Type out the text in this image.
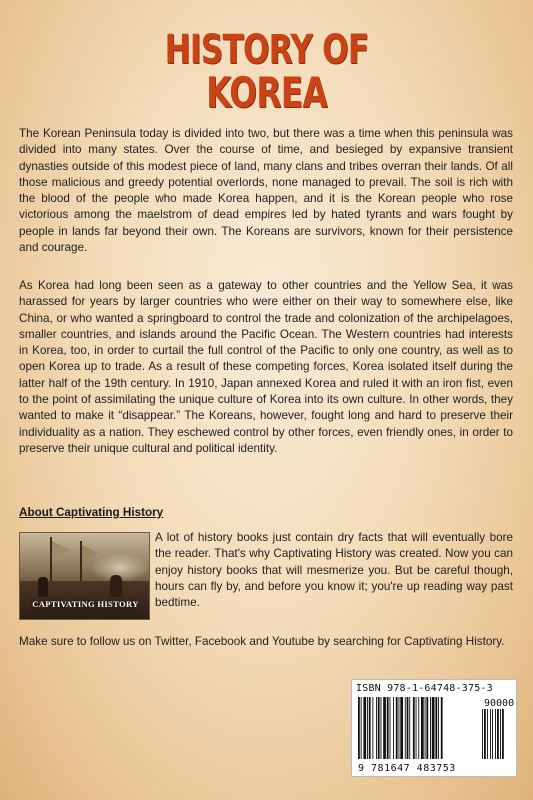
HISTORY OF
KOREA

The Korean Peninsula today is divided into two, but there was a time when this peninsula was divided into many states. Over the course of time, and besieged by expansive transient dynasties outside of this modest piece of land, many clans and tribes overran their lands. Of all those malicious and greedy potential overlords, none managed to prevail. The soil is rich with the blood of the people who made Korea happen, and it is the Korean people who rose victorious among the maelstrom of dead empires led by hated tyrants and wars fought by people in lands far beyond their own. The Koreans are survivors, known for their persistence and courage.

As Korea had long been seen as a gateway to other countries and the Yellow Sea, it was harassed for years by larger countries who were either on their way to somewhere else, like China, or who wanted a springboard to control the trade and colonization of the archipelagoes, smaller countries, and islands around the Pacific Ocean. The Western countries had interests in Korea, too, in order to curtail the full control of the Pacific to only one country, as well as to open Korea up to trade. As a result of these competing forces, Korea isolated itself during the latter half of the 19th century. In 1910, Japan annexed Korea and ruled it with an iron fist, even to the point of assimilating the unique culture of Korea into its own culture. In other words, they wanted to make it “disappear.” The Koreans, however, fought long and hard to preserve their individuality as a nation. They eschewed control by other forces, even friendly ones, in order to preserve their unique cultural and political identity.

About Captivating History
CAPTIVATING HISTORY

A lot of history books just contain dry facts that will eventually bore the reader. That's why Captivating History was created. Now you can enjoy history books that will mesmerize you. But be careful though, hours can fly by, and before you know it; you're up reading way past bedtime.

Make sure to follow us on Twitter, Facebook and Youtube by searching for Captivating History.

ISBN 978-1-64748-375-3
90000
9 781647 483753
